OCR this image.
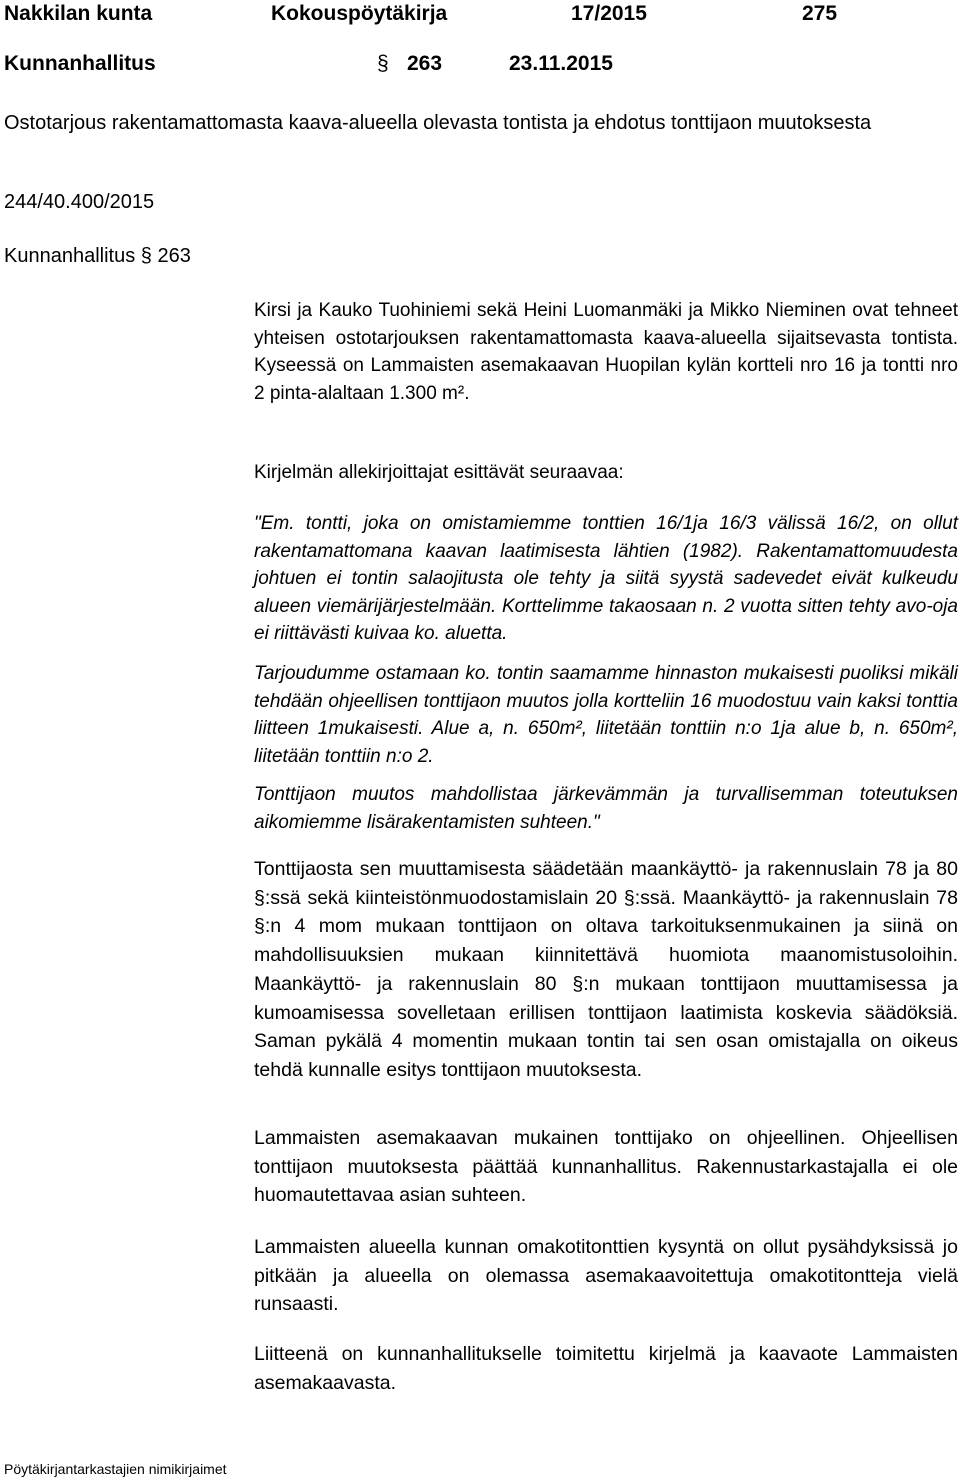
Nakkilan kunta	Kokouspöytäkirja	17/2015	275
Kunnanhallitus	§ 263	23.11.2015
Ostotarjous rakentamattomasta kaava-alueella olevasta tontista ja ehdotus tonttijaon muutoksesta
244/40.400/2015
Kunnanhallitus § 263

Kirsi ja Kauko Tuohiniemi sekä Heini Luomanmäki ja Mikko Nieminen ovat tehneet yhteisen ostotarjouksen rakentamattomasta kaava-alueella sijaitsevasta tontista. Kyseessä on Lammaisten asemakaavan Huopilan kylän kortteli nro 16 ja tontti nro 2 pinta-alaltaan 1.300 m².

Kirjelmän allekirjoittajat esittävät seuraavaa:

"Em. tontti, joka on omistamiemme tonttien 16/1ja 16/3 välissä 16/2, on ollut rakentamattomana kaavan laatimisesta lähtien (1982). Rakentamattomuudesta johtuen ei tontin salaojitusta ole tehty ja siitä syystä sadevedet eivät kulkeudu alueen viemärijärjestelmään. Korttelimme takaosaan n. 2 vuotta sitten tehty avo-oja ei riittävästi kuivaa ko. aluetta.

Tarjoudumme ostamaan ko. tontin saamamme hinnaston mukaisesti puoliksi mikäli tehdään ohjeellisen tonttijaon muutos jolla kortteliin 16 muodostuu vain kaksi tonttia liitteen 1mukaisesti. Alue a, n. 650m², liitetään tonttiin n:o 1ja alue b, n. 650m², liitetään tonttiin n:o 2.

Tonttijaon muutos mahdollistaa järkevämmän ja turvallisemman toteutuksen aikomiemme lisärakentamisten suhteen."

Tonttijaosta sen muuttamisesta säädetään maankäyttö- ja rakennuslain 78 ja 80 §:ssä sekä kiinteistönmuodostamislain 20 §:ssä. Maankäyttö- ja rakennuslain 78 §:n 4 mom mukaan tonttijaon on oltava tarkoituksenmukainen ja siinä on mahdollisuuksien mukaan kiinnitettävä huomiota maanomistusoloihin. Maankäyttö- ja rakennuslain 80 §:n mukaan tonttijaon muuttamisessa ja kumoamisessa sovelletaan erillisen tonttijaon laatimista koskevia säädöksiä. Saman pykälä 4 momentin mukaan tontin tai sen osan omistajalla on oikeus tehdä kunnalle esitys tonttijaon muutoksesta.

Lammaisten asemakaavan mukainen tonttijako on ohjeellinen. Ohjeellisen tonttijaon muutoksesta päättää kunnanhallitus. Rakennustarkastajalla ei ole huomautettavaa asian suhteen.

Lammaisten alueella kunnan omakotitonttien kysyntä on ollut pysähdyksissä jo pitkään ja alueella on olemassa asemakaavoitettuja omakotitontteja vielä runsaasti.

Liitteenä on kunnanhallitukselle toimitettu kirjelmä ja kaavaote Lammaisten asemakaavasta.

Pöytäkirjantarkastajien nimikirjaimet
